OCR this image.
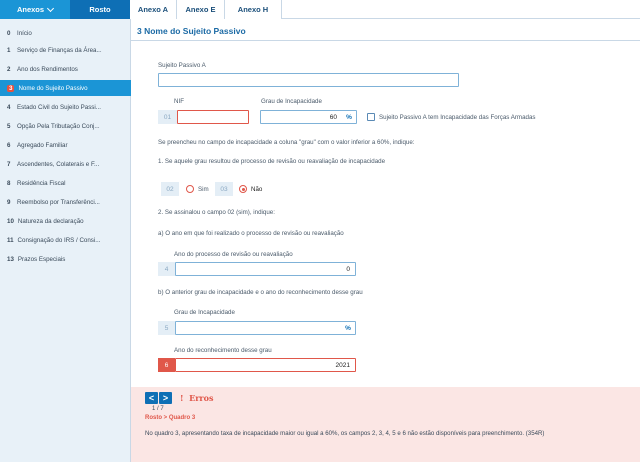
Anexos	Rosto	Anexo A Anexo E	Anexo H
0	Início
1	Serviço de Finanças da Área...
2	Ano dos Rendimentos
3 Nome do Sujeito Passivo
4	Estado Civil do Sujeito Passi...
5	Opção Pela Tributação Conj...
6	Agregado Familiar
7	Ascendentes, Colaterais e F...
8	Residência Fiscal
9	Reembolso por Transferênci...
10 Natureza da declaração
11 Consignação do IRS / Consi...
13 Prazos Especiais
3 Nome do Sujeito Passivo
Sujeito Passivo A
NIF	Grau de Incapacidade
01	60	%	Sujeito Passivo A tem Incapacidade das Forças Armadas
Se preencheu no campo de incapacidade a coluna "grau" com o valor inferior a 60%, indique:
1. Se aquele grau resultou de processo de revisão ou reavaliação de incapacidade
02	Sim	03	Não
2. Se assinalou o campo 02 (sim), indique:
a) O ano em que foi realizado o processo de revisão ou reavaliação
Ano do processo de revisão ou reavaliação
4	0
b) O anterior grau de incapacidade e o ano do reconhecimento desse grau
Grau de Incapacidade
5	%
Ano do reconhecimento desse grau
6	2021
< >	! Erros
1 / 7
Rosto > Quadro 3
No quadro 3, apresentando taxa de incapacidade maior ou igual a 60%, os campos 2, 3, 4, 5 e 6 não estão disponíveis para preenchimento. (354R)
